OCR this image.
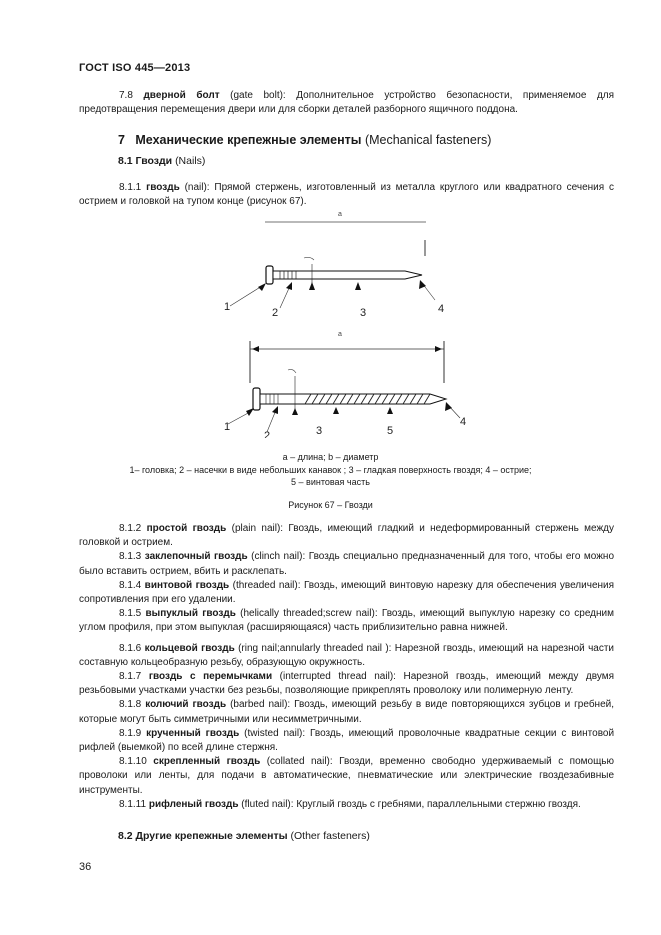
ГОСТ ISO 445—2013
7.8 дверной болт (gate bolt): Дополнительное устройство безопасности, применяемое для предотвращения перемещения двери или для сборки деталей разборного ящичного поддона.
7 Механические крепежные элементы (Mechanical fasteners)
8.1 Гвозди (Nails)
8.1.1 гвоздь (nail): Прямой стержень, изготовленный из металла круглого или квадратного сечения с острием и головкой на тупом конце (рисунок 67).
a
1	2	3	4
a
1
2	3	5
4
a – длина; b – диаметр
1– головка; 2 – насечки в виде небольших канавок ; 3 – гладкая поверхность гвоздя; 4 – острие;
5 – винтовая часть
Рисунок 67 – Гвозди
8.1.2 простой гвоздь (plain nail): Гвоздь, имеющий гладкий и недеформированный стержень между головкой и острием.
8.1.3 заклепочный гвоздь (clinch nail): Гвоздь специально предназначенный для того, чтобы его можно было вставить острием, вбить и расклепать.
8.1.4 винтовой гвоздь (threaded nail): Гвоздь, имеющий винтовую нарезку для обеспечения увеличения сопротивления при его удалении.
8.1.5 выпуклый гвоздь (helically threaded;screw nail): Гвоздь, имеющий выпуклую нарезку со средним углом профиля, при этом выпуклая (расширяющаяся) часть приблизительно равна нижней.
8.1.6 кольцевой гвоздь (ring nail;annularly threaded nail ): Нарезной гвоздь, имеющий на нарезной части составную кольцеобразную резьбу, образующую окружность.
8.1.7 гвоздь с перемычками (interrupted thread nail): Нарезной гвоздь, имеющий между двумя резьбовыми участками участки без резьбы, позволяющие прикреплять проволоку или полимерную ленту.
8.1.8 колючий гвоздь (barbed nail): Гвоздь, имеющий резьбу в виде повторяющихся зубцов и гребней, которые могут быть симметричными или несимметричными.
8.1.9 крученный гвоздь (twisted nail): Гвоздь, имеющий проволочные квадратные секции с винтовой рифлей (выемкой) по всей длине стержня.
8.1.10 скрепленный гвоздь (collated nail): Гвозди, временно свободно удерживаемый с помощью проволоки или ленты, для подачи в автоматические, пневматические или электрические гвоздезабивные инструменты.
8.1.11 рифленый гвоздь (fluted nail): Круглый гвоздь с гребнями, параллельными стержню гвоздя.
8.2 Другие крепежные элементы (Other fasteners)
36
